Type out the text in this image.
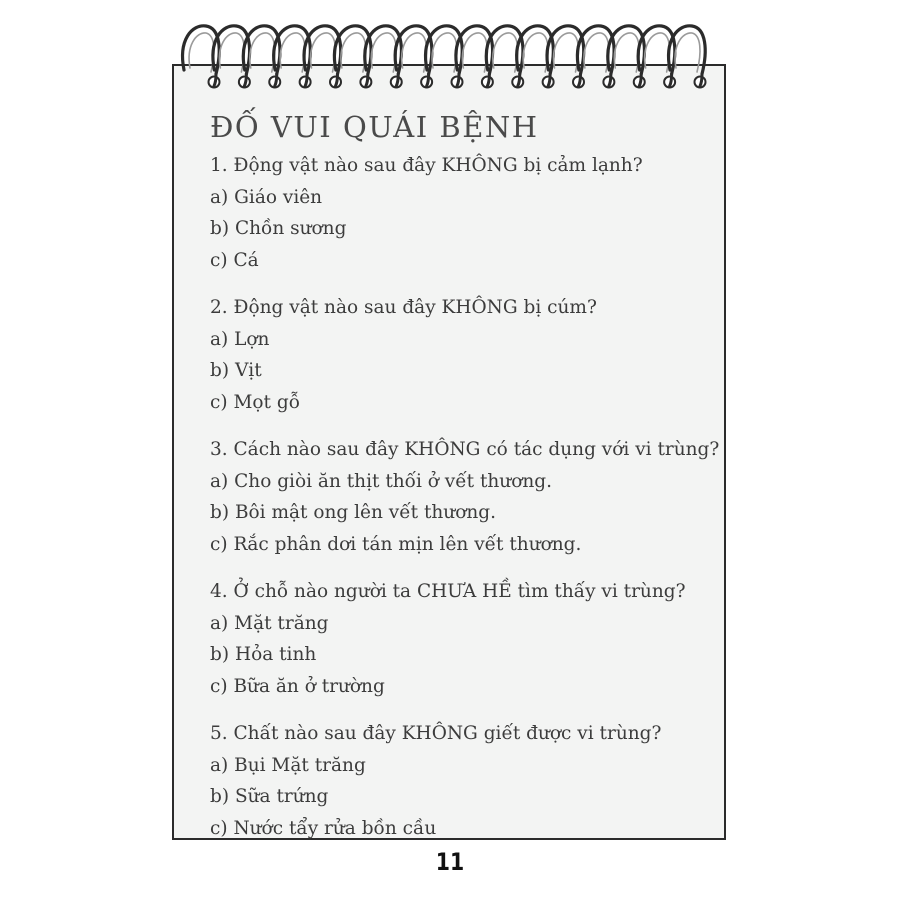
ĐỐ VUI QUÁI BỆNH
1. Động vật nào sau đây KHÔNG bị cảm lạnh?
a) Giáo viên
b) Chồn sương
c) Cá
2. Động vật nào sau đây KHÔNG bị cúm?
a) Lợn
b) Vịt
c) Mọt gỗ
3. Cách nào sau đây KHÔNG có tác dụng với vi trùng?
a) Cho giòi ăn thịt thối ở vết thương.
b) Bôi mật ong lên vết thương.
c) Rắc phân dơi tán mịn lên vết thương.
4. Ở chỗ nào người ta CHƯA HỀ tìm thấy vi trùng?
a) Mặt trăng
b) Hỏa tinh
c) Bữa ăn ở trường
5. Chất nào sau đây KHÔNG giết được vi trùng?
a) Bụi Mặt trăng
b) Sữa trứng
c) Nước tẩy rửa bồn cầu
11
